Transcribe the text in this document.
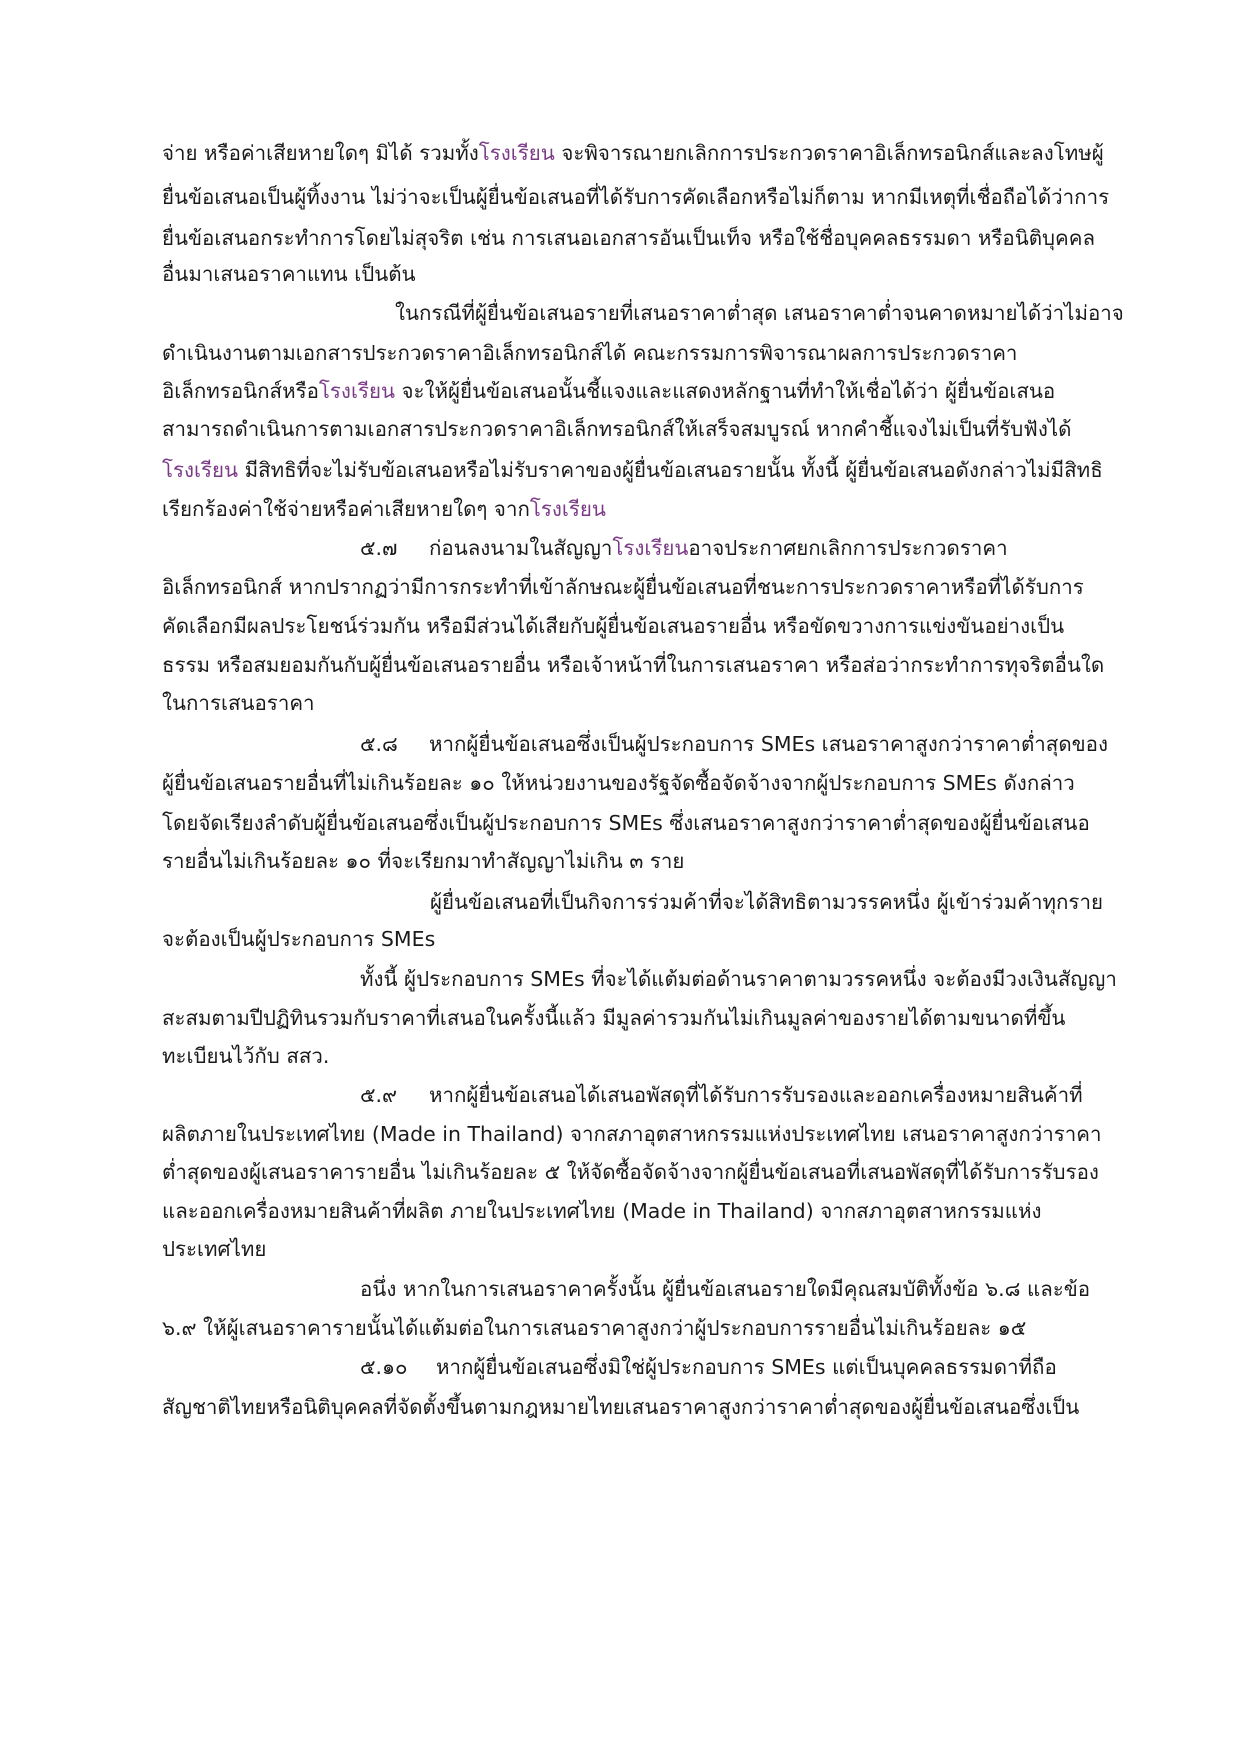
จ่าย หรือค่าเสียหายใดๆ มิได้ รวมทั้งโรงเรียน จะพิจารณายกเลิกการประกวดราคาอิเล็กทรอนิกส์และลงโทษผู้
ยื่นข้อเสนอเป็นผู้ทิ้งงาน ไม่ว่าจะเป็นผู้ยื่นข้อเสนอที่ได้รับการคัดเลือกหรือไม่ก็ตาม หากมีเหตุที่เชื่อถือได้ว่าการ
ยื่นข้อเสนอกระทำการโดยไม่สุจริต เช่น การเสนอเอกสารอันเป็นเท็จ หรือใช้ชื่อบุคคลธรรมดา หรือนิติบุคคล
อื่นมาเสนอราคาแทน เป็นต้น
ในกรณีที่ผู้ยื่นข้อเสนอรายที่เสนอราคาต่ำสุด เสนอราคาต่ำจนคาดหมายได้ว่าไม่อาจ
ดำเนินงานตามเอกสารประกวดราคาอิเล็กทรอนิกส์ได้ คณะกรรมการพิจารณาผลการประกวดราคา
อิเล็กทรอนิกส์หรือโรงเรียน จะให้ผู้ยื่นข้อเสนอนั้นชี้แจงและแสดงหลักฐานที่ทำให้เชื่อได้ว่า ผู้ยื่นข้อเสนอ
สามารถดำเนินการตามเอกสารประกวดราคาอิเล็กทรอนิกส์ให้เสร็จสมบูรณ์ หากคำชี้แจงไม่เป็นที่รับฟังได้
โรงเรียน มีสิทธิที่จะไม่รับข้อเสนอหรือไม่รับราคาของผู้ยื่นข้อเสนอรายนั้น ทั้งนี้ ผู้ยื่นข้อเสนอดังกล่าวไม่มีสิทธิ
เรียกร้องค่าใช้จ่ายหรือค่าเสียหายใดๆ จากโรงเรียน
๕.๗ ก่อนลงนามในสัญญาโรงเรียนอาจประกาศยกเลิกการประกวดราคา
อิเล็กทรอนิกส์ หากปรากฏว่ามีการกระทำที่เข้าลักษณะผู้ยื่นข้อเสนอที่ชนะการประกวดราคาหรือที่ได้รับการ
คัดเลือกมีผลประโยชน์ร่วมกัน หรือมีส่วนได้เสียกับผู้ยื่นข้อเสนอรายอื่น หรือขัดขวางการแข่งขันอย่างเป็น
ธรรม หรือสมยอมกันกับผู้ยื่นข้อเสนอรายอื่น หรือเจ้าหน้าที่ในการเสนอราคา หรือส่อว่ากระทำการทุจริตอื่นใด
ในการเสนอราคา
๕.๘ หากผู้ยื่นข้อเสนอซึ่งเป็นผู้ประกอบการ SMEs เสนอราคาสูงกว่าราคาต่ำสุดของ
ผู้ยื่นข้อเสนอรายอื่นที่ไม่เกินร้อยละ ๑๐ ให้หน่วยงานของรัฐจัดซื้อจัดจ้างจากผู้ประกอบการ SMEs ดังกล่าว
โดยจัดเรียงลำดับผู้ยื่นข้อเสนอซึ่งเป็นผู้ประกอบการ SMEs ซึ่งเสนอราคาสูงกว่าราคาต่ำสุดของผู้ยื่นข้อเสนอ
รายอื่นไม่เกินร้อยละ ๑๐ ที่จะเรียกมาทำสัญญาไม่เกิน ๓ ราย
ผู้ยื่นข้อเสนอที่เป็นกิจการร่วมค้าที่จะได้สิทธิตามวรรคหนึ่ง ผู้เข้าร่วมค้าทุกราย
จะต้องเป็นผู้ประกอบการ SMEs
ทั้งนี้ ผู้ประกอบการ SMEs ที่จะได้แต้มต่อด้านราคาตามวรรคหนึ่ง จะต้องมีวงเงินสัญญา
สะสมตามปีปฏิทินรวมกับราคาที่เสนอในครั้งนี้แล้ว มีมูลค่ารวมกันไม่เกินมูลค่าของรายได้ตามขนาดที่ขึ้น
ทะเบียนไว้กับ สสว.
๕.๙ หากผู้ยื่นข้อเสนอได้เสนอพัสดุที่ได้รับการรับรองและออกเครื่องหมายสินค้าที่
ผลิตภายในประเทศไทย (Made in Thailand) จากสภาอุตสาหกรรมแห่งประเทศไทย เสนอราคาสูงกว่าราคา
ต่ำสุดของผู้เสนอราคารายอื่น ไม่เกินร้อยละ ๕ ให้จัดซื้อจัดจ้างจากผู้ยื่นข้อเสนอที่เสนอพัสดุที่ได้รับการรับรอง
และออกเครื่องหมายสินค้าที่ผลิต ภายในประเทศไทย (Made in Thailand) จากสภาอุตสาหกรรมแห่ง
ประเทศไทย
อนึ่ง หากในการเสนอราคาครั้งนั้น ผู้ยื่นข้อเสนอรายใดมีคุณสมบัติทั้งข้อ ๖.๘ และข้อ
๖.๙ ให้ผู้เสนอราคารายนั้นได้แต้มต่อในการเสนอราคาสูงกว่าผู้ประกอบการรายอื่นไม่เกินร้อยละ ๑๕
๕.๑๐ หากผู้ยื่นข้อเสนอซึ่งมิใช่ผู้ประกอบการ SMEs แต่เป็นบุคคลธรรมดาที่ถือ
สัญชาติไทยหรือนิติบุคคลที่จัดตั้งขึ้นตามกฎหมายไทยเสนอราคาสูงกว่าราคาต่ำสุดของผู้ยื่นข้อเสนอซึ่งเป็น
